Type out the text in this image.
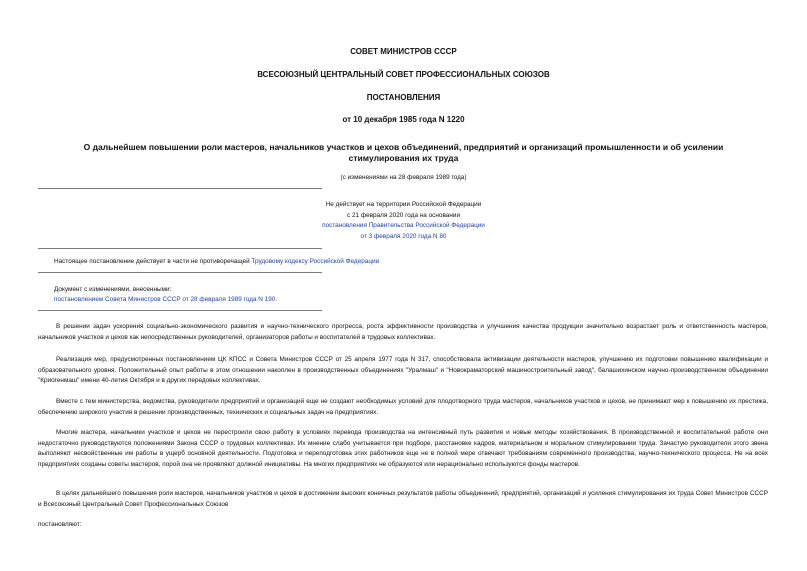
СОВЕТ МИНИСТРОВ СССР
ВСЕСОЮЗНЫЙ ЦЕНТРАЛЬНЫЙ СОВЕТ ПРОФЕССИОНАЛЬНЫХ СОЮЗОВ
ПОСТАНОВЛЕНИЯ
от 10 декабря 1985 года N 1220
О дальнейшем повышении роли мастеров, начальников участков и цехов объединений, предприятий и организаций промышленности и об усилении
стимулирования их труда
(с изменениями на 28 февраля 1989 года)
Не действует на территории Российской Федерации
с 21 февраля 2020 года на основании
постановления Правительства Российской Федерации
от 3 февраля 2020 года N 80
Настоящее постановление действует в части не противоречащей Трудовому кодексу Российской Федерации
Документ с изменениями, внесенными:
постановлением Совета Министров СССР от 28 февраля 1989 года N 190.
В решении задач ускорения социально-экономического развития и научно-технического прогресса, роста эффективности производства и улучшения качества продукции значительно возрастает роль и ответственность мастеров, начальников участков и цехов как непосредственных руководителей, организаторов работы и воспитателей в трудовых коллективах.
Реализация мер, предусмотренных постановлением ЦК КПСС и Совета Министров СССР от 25 апреля 1977 года N 317, способствовала активизации деятельности мастеров, улучшению их подготовки повышению квалификации и образовательного уровня. Положительный опыт работы в этом отношении накоплен в производственных объединениях "Уралмаш" и "Новокраматорский машиностроительный завод", балашихинском научно-производственном объединении "Криогенмаш" имени 40-летия Октября и в других передовых коллективах.
Вместе с тем министерства, ведомства, руководители предприятий и организаций еще не создают необходимых условий для плодотворного труда мастеров, начальников участков и цехов, не принимают мер к повышению их престижа, обеспечению широкого участия в решении производственных, технических и социальных задач на предприятиях.
Многие мастера, начальники участков и цехов не перестроили свою работу в условиях перевода производства на интенсивный путь развития и новые методы хозяйствования. В производственной и воспитательной работе они недостаточно руководствуются положениями Закона СССР о трудовых коллективах. Их мнение слабо учитывается при подборе, расстановке кадров, материальном и моральном стимулировании труда. Зачастую руководители этого звена выполняют несвойственные им работы в ущерб основной деятельности. Подготовка и переподготовка этих работников еще не в полной мере отвечают требованиям современного производства, научно-технического процесса. Не на всех предприятиях созданы советы мастеров, порой она не проявляют должной инициативы. На многих предприятиях не образуются или нерационально используются фонды мастеров.
В целях дальнейшего повышения роли мастеров, начальников участков и цехов в достижении высоких конечных результатов работы объединений, предприятий, организаций и усиления стимулирования их труда Совет Министров СССР и Всесоюзный Центральный Совет Профессиональных Союзов
постановляют:
